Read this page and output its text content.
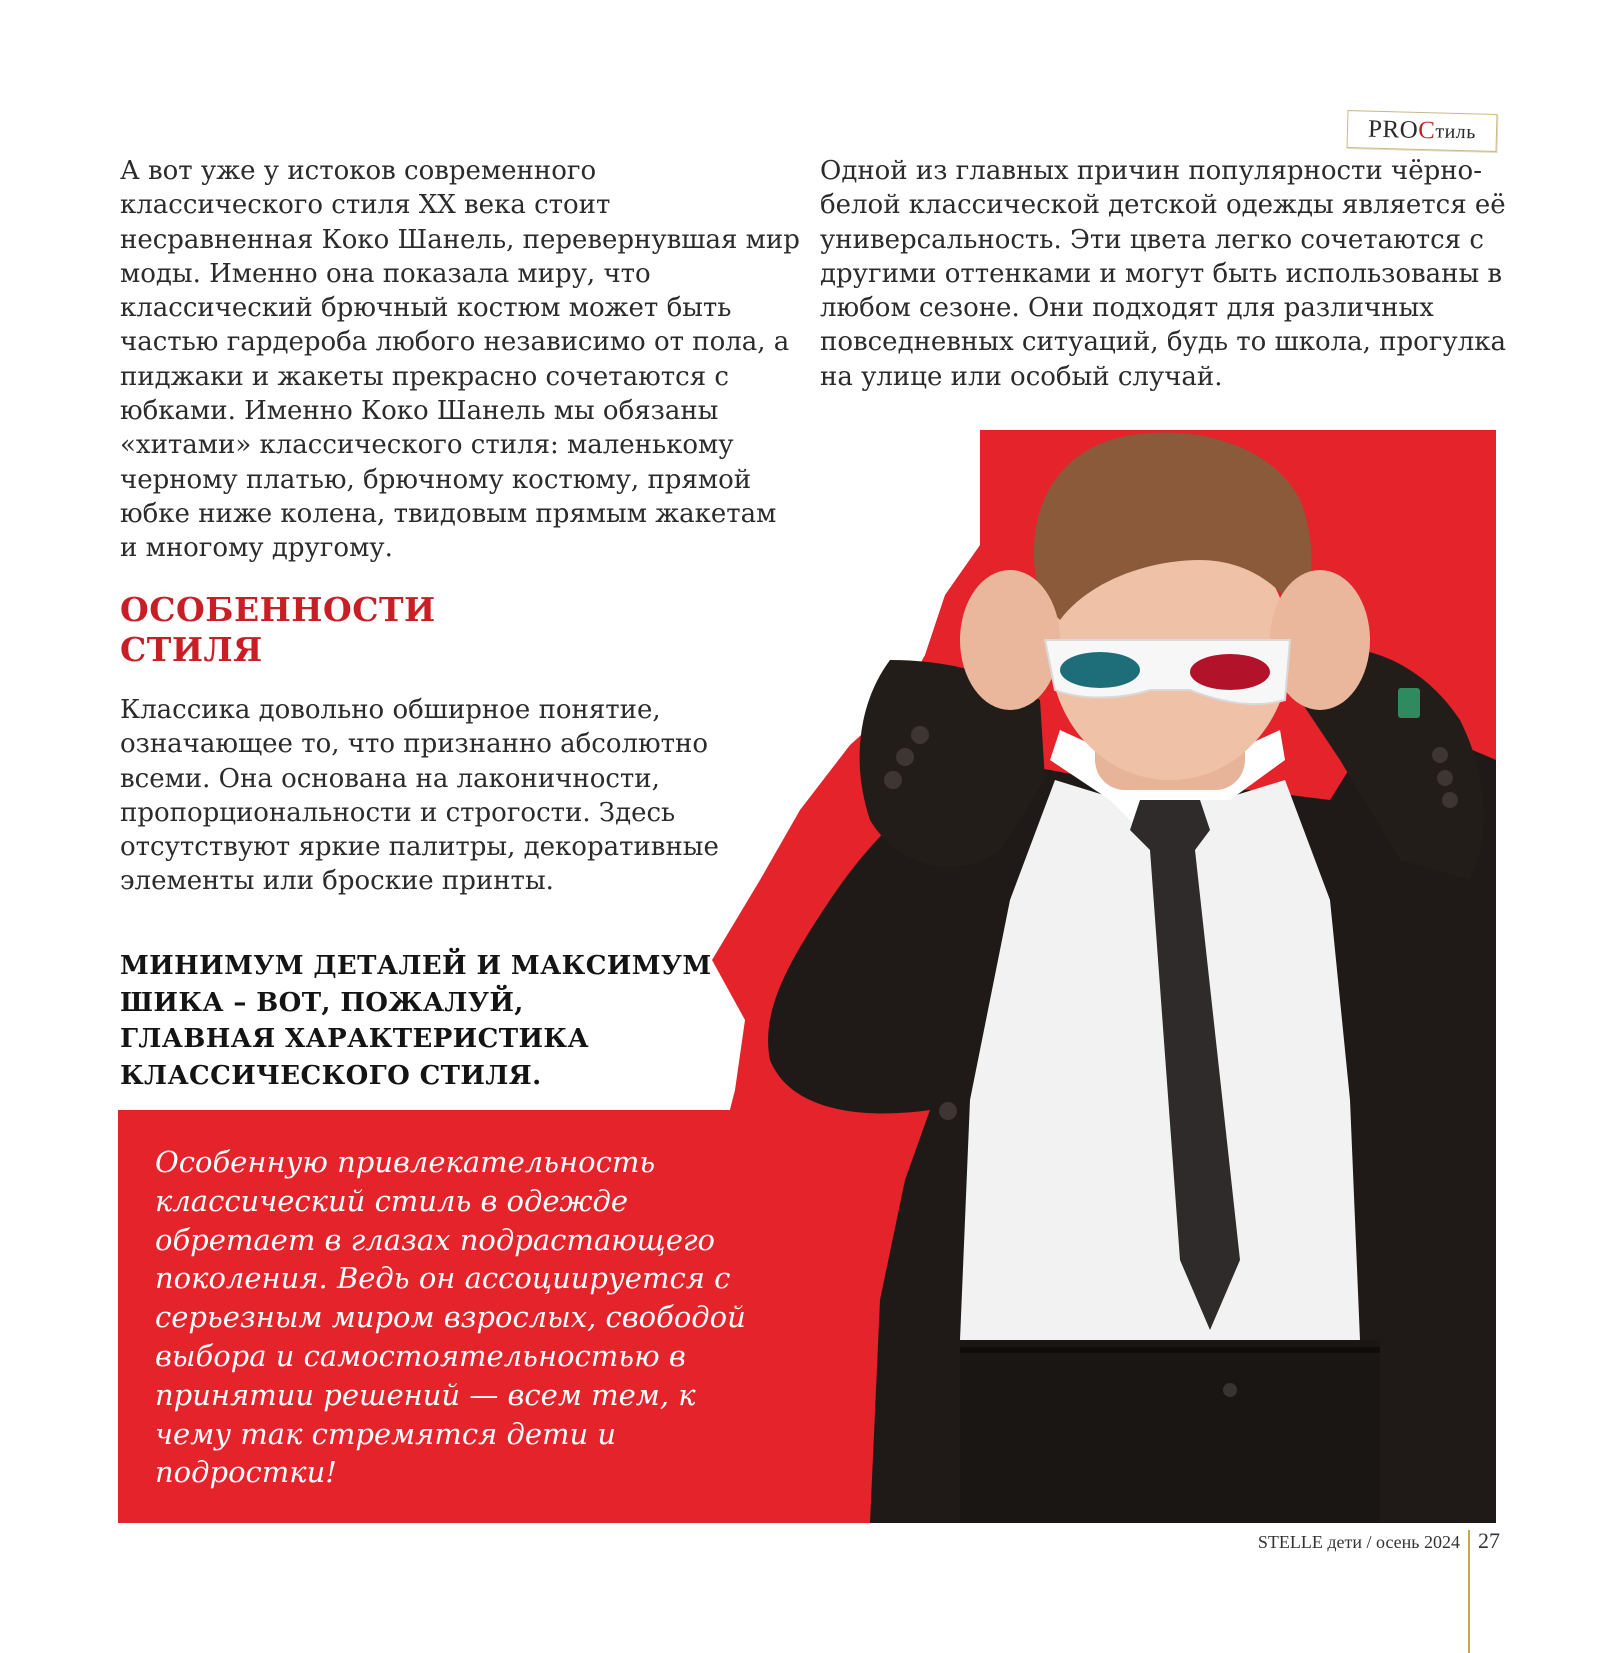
PRO С тиль

А вот уже у истоков современного классического стиля XX века стоит несравненная Коко Шанель, перевернувшая мир моды. Именно она показала миру, что классический брючный костюм может быть частью гардероба любого независимо от пола, а пиджаки и жакеты прекрасно сочетаются с юбками. Именно Коко Шанель мы обязаны «хитами» классического стиля: маленькому черному платью, брючному костюму, прямой юбке ниже колена, твидовым прямым жакетам и многому другому.

Одной из главных причин популярности чёрно-белой классической детской одежды является её универсальность. Эти цвета легко сочетаются с другими оттенками и могут быть использованы в любом сезоне. Они подходят для различных повседневных ситуаций, будь то школа, прогулка на улице или особый случай.

ОСОБЕННОСТИ
СТИЛЯ

Классика довольно обширное понятие, означающее то, что признанно абсолютно всеми. Она основана на лаконичности, пропорциональности и строгости. Здесь отсутствуют яркие палитры, декоративные элементы или броские принты.

МИНИМУМ ДЕТАЛЕЙ И МАКСИМУМ
ШИКА – ВОТ, ПОЖАЛУЙ,
ГЛАВНАЯ ХАРАКТЕРИСТИКА
КЛАССИЧЕСКОГО СТИЛЯ.

Особенную привлекательность классический стиль в одежде обретает в глазах подрастающего поколения. Ведь он ассоциируется с серьезным миром взрослых, свободой выбора и самостоятельностью в принятии решений — всем тем, к чему так стремятся дети и подростки!

STELLE дети / осень 2024 27
